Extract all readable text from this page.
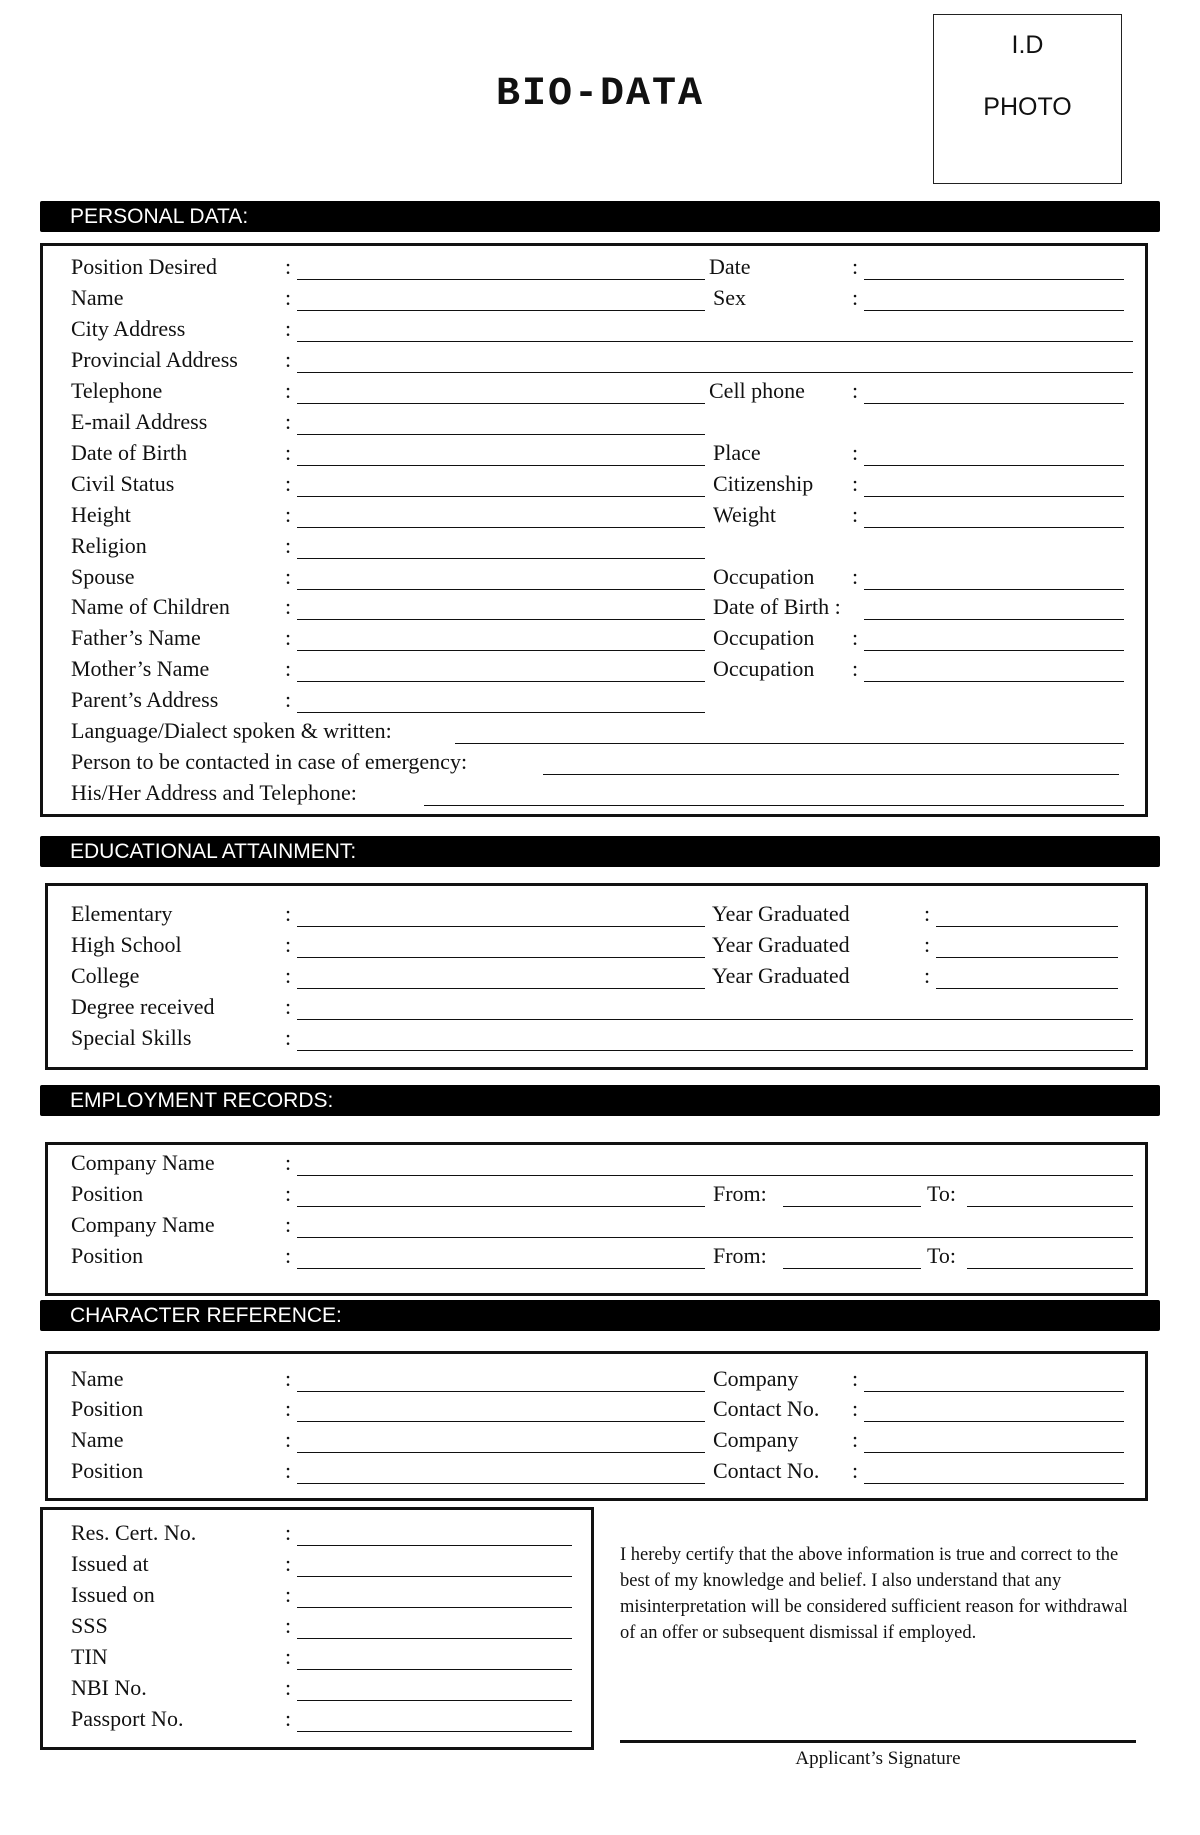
BIO-DATA
I.D
PHOTO
PERSONAL DATA:
Position Desired	:	Date	:
Name	:	Sex	:
City Address	:
Provincial Address :
Telephone	:	Cell phone :
E-mail Address	:
Date of Birth	:	Place	:
Civil Status	:	Citizenship :
Height	:	Weight	:
Religion	:
Spouse	:	Occupation :
Name of Children	:	Date of Birth :
Father’s Name	:	Occupation :
Mother’s Name	:	Occupation :
Parent’s Address	:
Language/Dialect spoken & written:
Person to be contacted in case of emergency:
His/Her Address and Telephone:
EDUCATIONAL ATTAINMENT:
Elementary	:	Year Graduated	:
High School	:	Year Graduated	:
College	:	Year Graduated	:
Degree received	:
Special Skills	:
EMPLOYMENT RECORDS:
Company Name	:
Position	:	From:	To:
Company Name	:
Position	:	From:	To:
CHARACTER REFERENCE:
Name	:	Company :
Position	:	Contact No. :
Name	:	Company :
Position	:	Contact No. :
Res. Cert. No.	:
Issued at	:
Issued on	:
SSS	:
TIN	:
NBI No.	:
Passport No.	:
I hereby certify that the above information is true and correct to the best of my knowledge and belief. I also understand that any misinterpretation will be considered sufficient reason for withdrawal of an offer or subsequent dismissal if employed.
Applicant’s Signature
